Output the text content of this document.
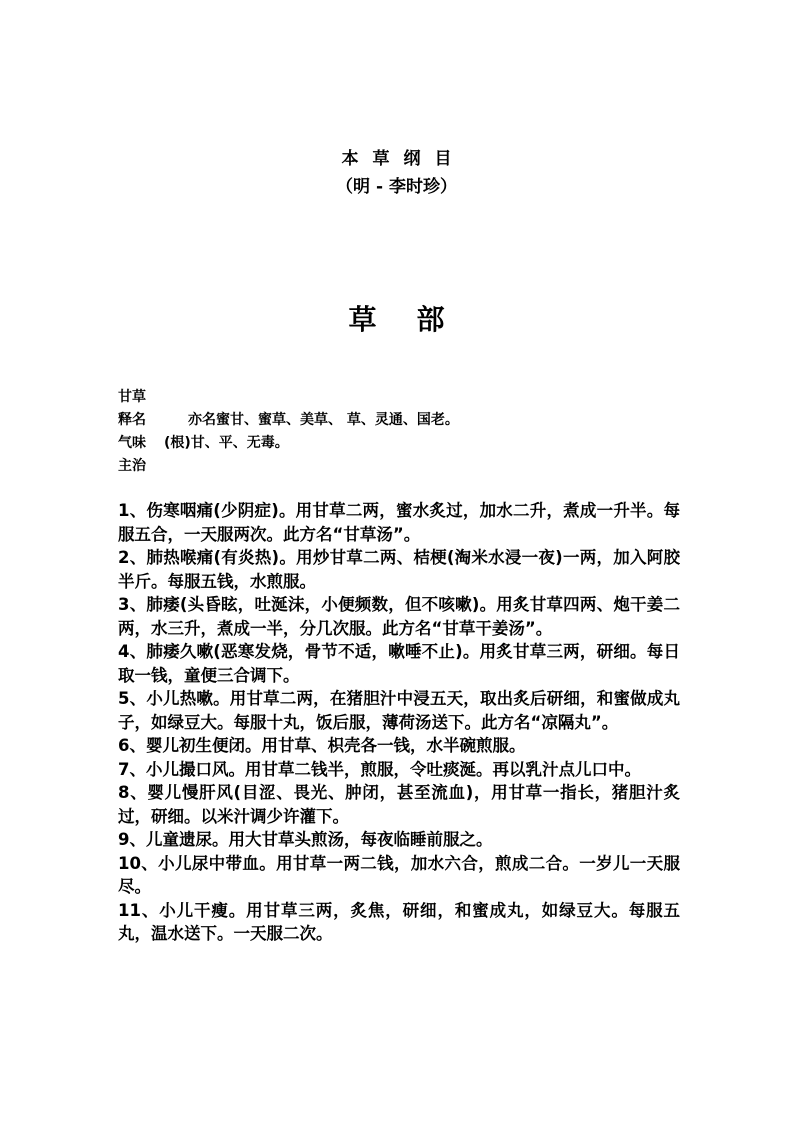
本草纲目
（明 - 李时珍）
草部
甘草
释名	亦名蜜甘、蜜草、美草、 草、灵通、国老。
气味 (根)甘、平、无毒。
主治

1、伤寒咽痛(少阴症)。用甘草二两，蜜水炙过，加水二升，煮成一升半。每服五合，一天服两次。此方名“甘草汤”。

2、肺热喉痛(有炎热)。用炒甘草二两、桔梗(淘米水浸一夜)一两，加入阿胶半斤。每服五钱，水煎服。

3、肺痿(头昏眩，吐涎沫，小便频数，但不咳嗽)。用炙甘草四两、炮干姜二两，水三升，煮成一半，分几次服。此方名“甘草干姜汤”。

4、肺痿久嗽(恶寒发烧，骨节不适，嗽唾不止)。用炙甘草三两，研细。每日取一钱，童便三合调下。

5、小儿热嗽。用甘草二两，在猪胆汁中浸五天，取出炙后研细，和蜜做成丸子，如绿豆大。每服十丸，饭后服，薄荷汤送下。此方名“凉隔丸”。

6、婴儿初生便闭。用甘草、枳壳各一钱，水半碗煎服。

7、小儿撮口风。用甘草二钱半，煎服，令吐痰涎。再以乳汁点儿口中。

8、婴儿慢肝风(目涩、畏光、肿闭，甚至流血)，用甘草一指长，猪胆汁炙过，研细。以米汁调少许灌下。

9、儿童遗尿。用大甘草头煎汤，每夜临睡前服之。

10、小儿尿中带血。用甘草一两二钱，加水六合，煎成二合。一岁儿一天服尽。

11、小儿干瘦。用甘草三两，炙焦，研细，和蜜成丸，如绿豆大。每服五丸，温水送下。一天服二次。
